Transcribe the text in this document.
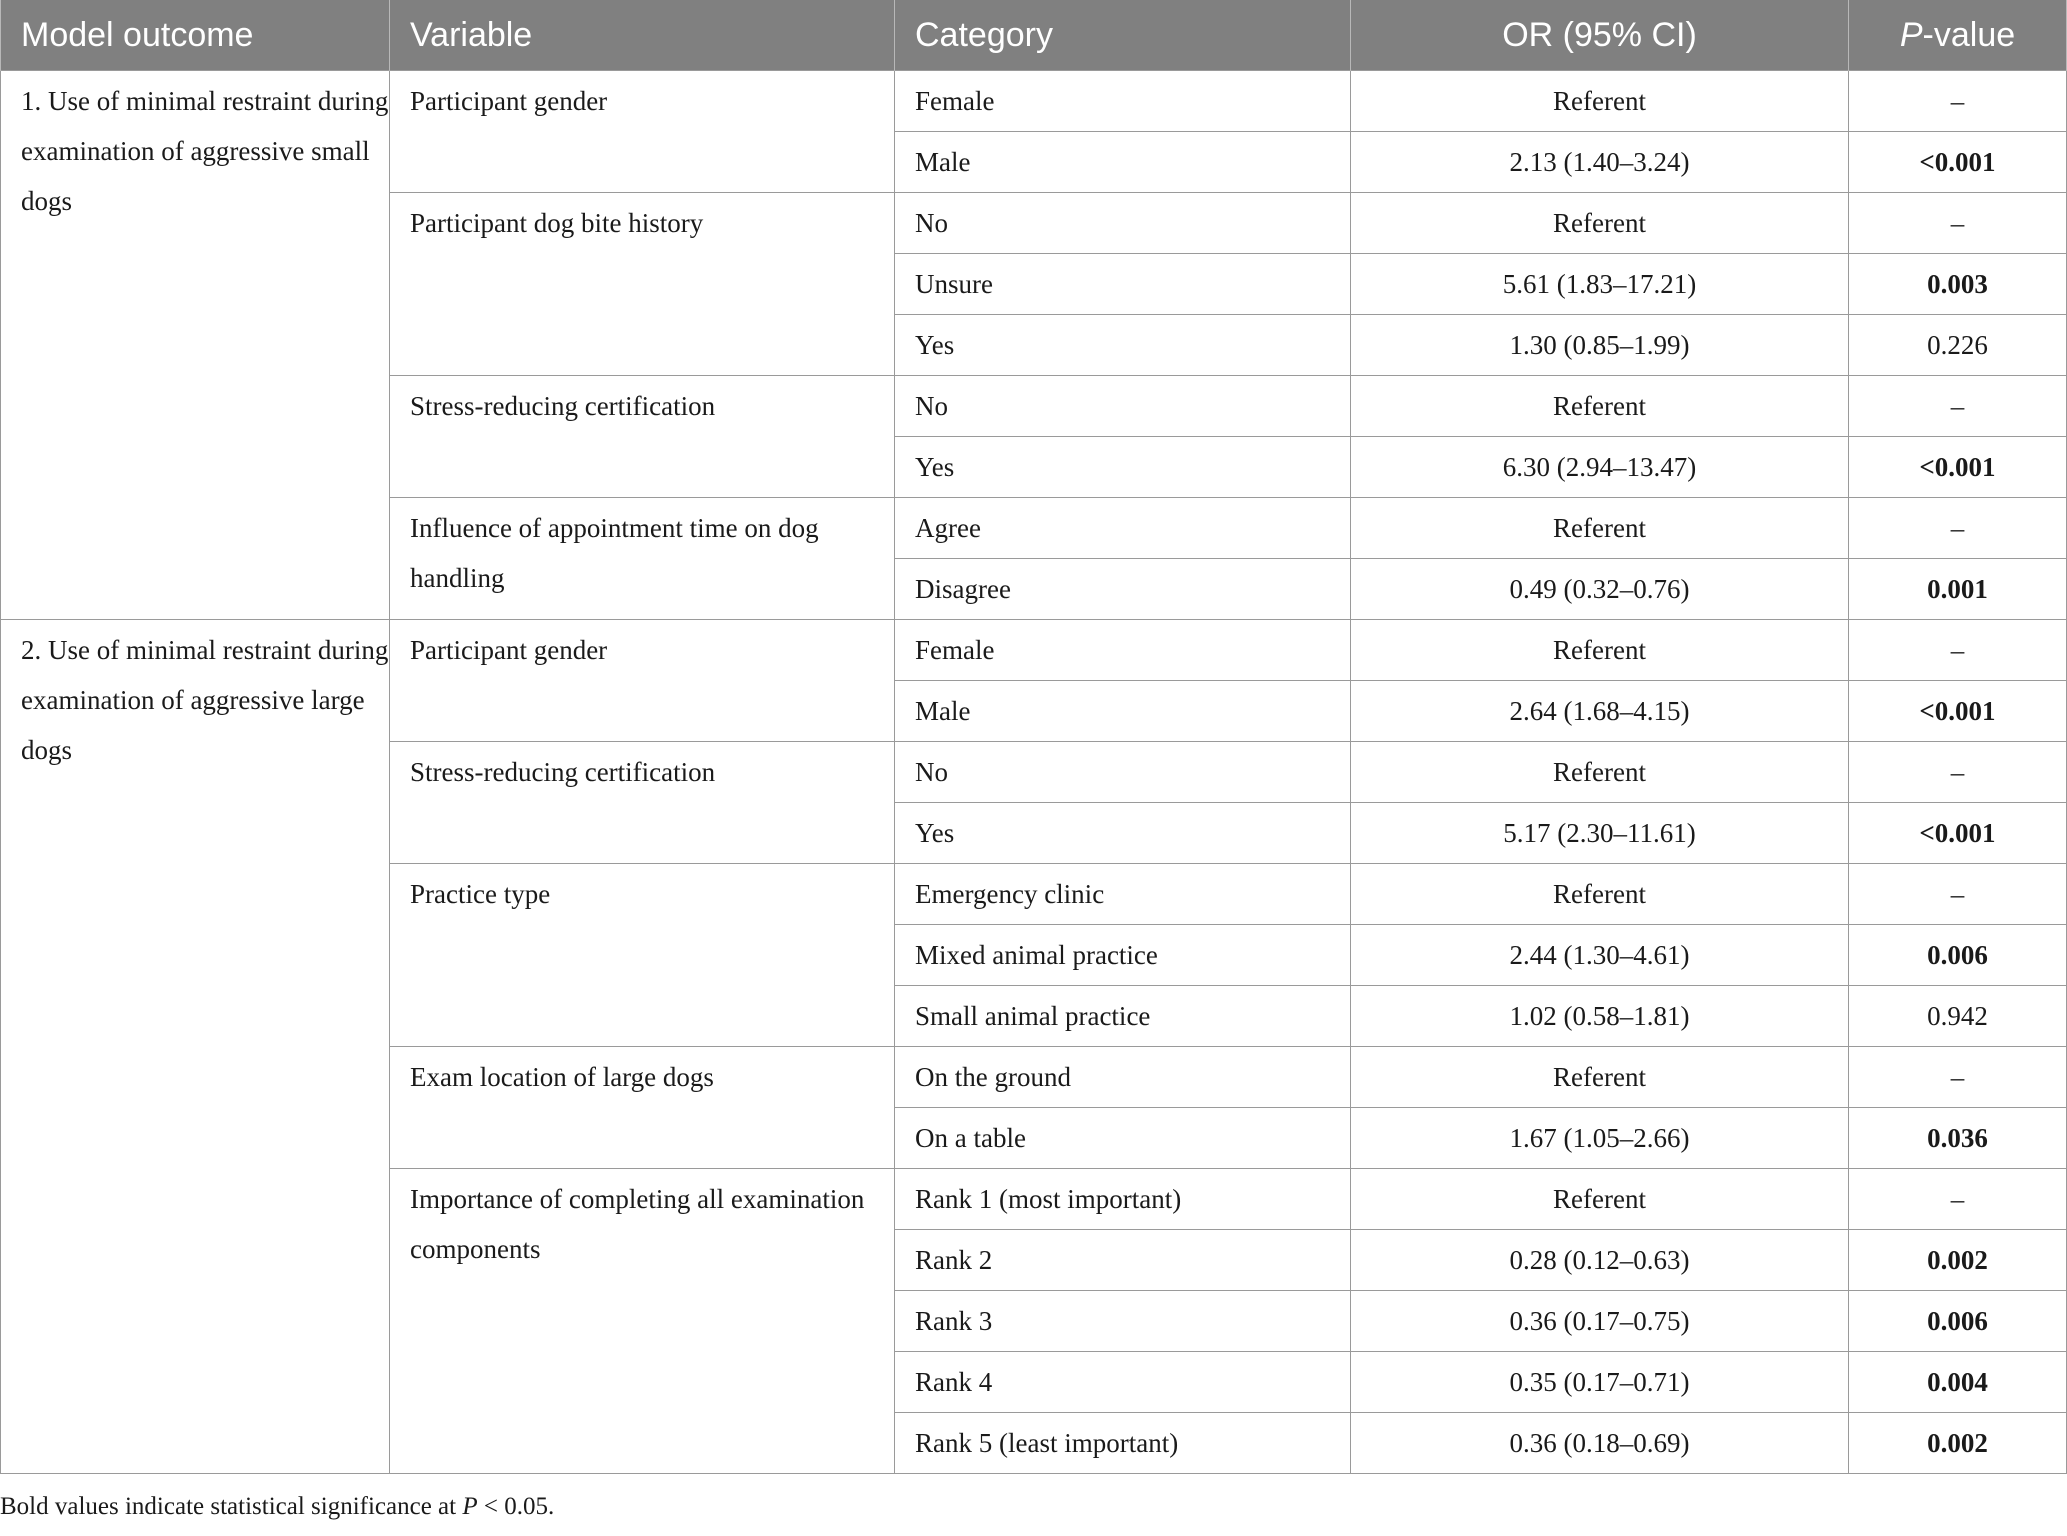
Model outcome	Variable	Category	OR (95% CI)	P-value
1. Use of minimal restraint during examination of aggressive small dogs	Participant gender	Female	Referent	–
		Male	2.13 (1.40–3.24)	<0.001
	Participant dog bite history	No	Referent	–
		Unsure	5.61 (1.83–17.21)	0.003
		Yes	1.30 (0.85–1.99)	0.226
	Stress-reducing certification	No	Referent	–
		Yes	6.30 (2.94–13.47)	<0.001
	Influence of appointment time on dog handling	Agree	Referent	–
		Disagree	0.49 (0.32–0.76)	0.001
2. Use of minimal restraint during examination of aggressive large dogs	Participant gender	Female	Referent	–
		Male	2.64 (1.68–4.15)	<0.001
	Stress-reducing certification	No	Referent	–
		Yes	5.17 (2.30–11.61)	<0.001
	Practice type	Emergency clinic	Referent	–
		Mixed animal practice	2.44 (1.30–4.61)	0.006
		Small animal practice	1.02 (0.58–1.81)	0.942
	Exam location of large dogs	On the ground	Referent	–
		On a table	1.67 (1.05–2.66)	0.036
	Importance of completing all examination components	Rank 1 (most important)	Referent	–
		Rank 2	0.28 (0.12–0.63)	0.002
		Rank 3	0.36 (0.17–0.75)	0.006
		Rank 4	0.35 (0.17–0.71)	0.004
		Rank 5 (least important)	0.36 (0.18–0.69)	0.002
Bold values indicate statistical significance at P < 0.05.
